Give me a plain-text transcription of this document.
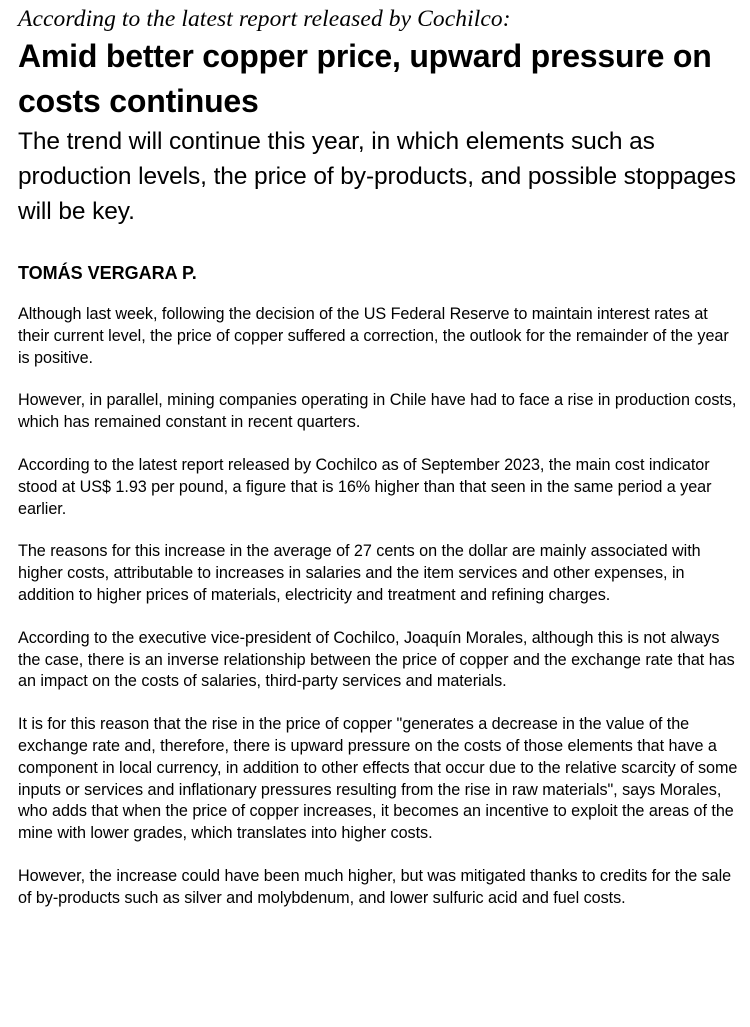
According to the latest report released by Cochilco:

Amid better copper price, upward pressure on costs continues
The trend will continue this year, in which elements such as production levels, the price of by-products, and possible stoppages will be key.
TOMÁS VERGARA P.

Although last week, following the decision of the US Federal Reserve to maintain interest rates at their current level, the price of copper suffered a correction, the outlook for the remainder of the year is positive.

However, in parallel, mining companies operating in Chile have had to face a rise in production costs, which has remained constant in recent quarters.

According to the latest report released by Cochilco as of September 2023, the main cost indicator stood at US$ 1.93 per pound, a figure that is 16% higher than that seen in the same period a year earlier.

The reasons for this increase in the average of 27 cents on the dollar are mainly associated with higher costs, attributable to increases in salaries and the item services and other expenses, in addition to higher prices of materials, electricity and treatment and refining charges.

According to the executive vice-president of Cochilco, Joaquín Morales, although this is not always the case, there is an inverse relationship between the price of copper and the exchange rate that has an impact on the costs of salaries, third-party services and materials.

It is for this reason that the rise in the price of copper "generates a decrease in the value of the exchange rate and, therefore, there is upward pressure on the costs of those elements that have a component in local currency, in addition to other effects that occur due to the relative scarcity of some inputs or services and inflationary pressures resulting from the rise in raw materials", says Morales, who adds that when the price of copper increases, it becomes an incentive to exploit the areas of the mine with lower grades, which translates into higher costs.

However, the increase could have been much higher, but was mitigated thanks to credits for the sale of by-products such as silver and molybdenum, and lower sulfuric acid and fuel costs.
